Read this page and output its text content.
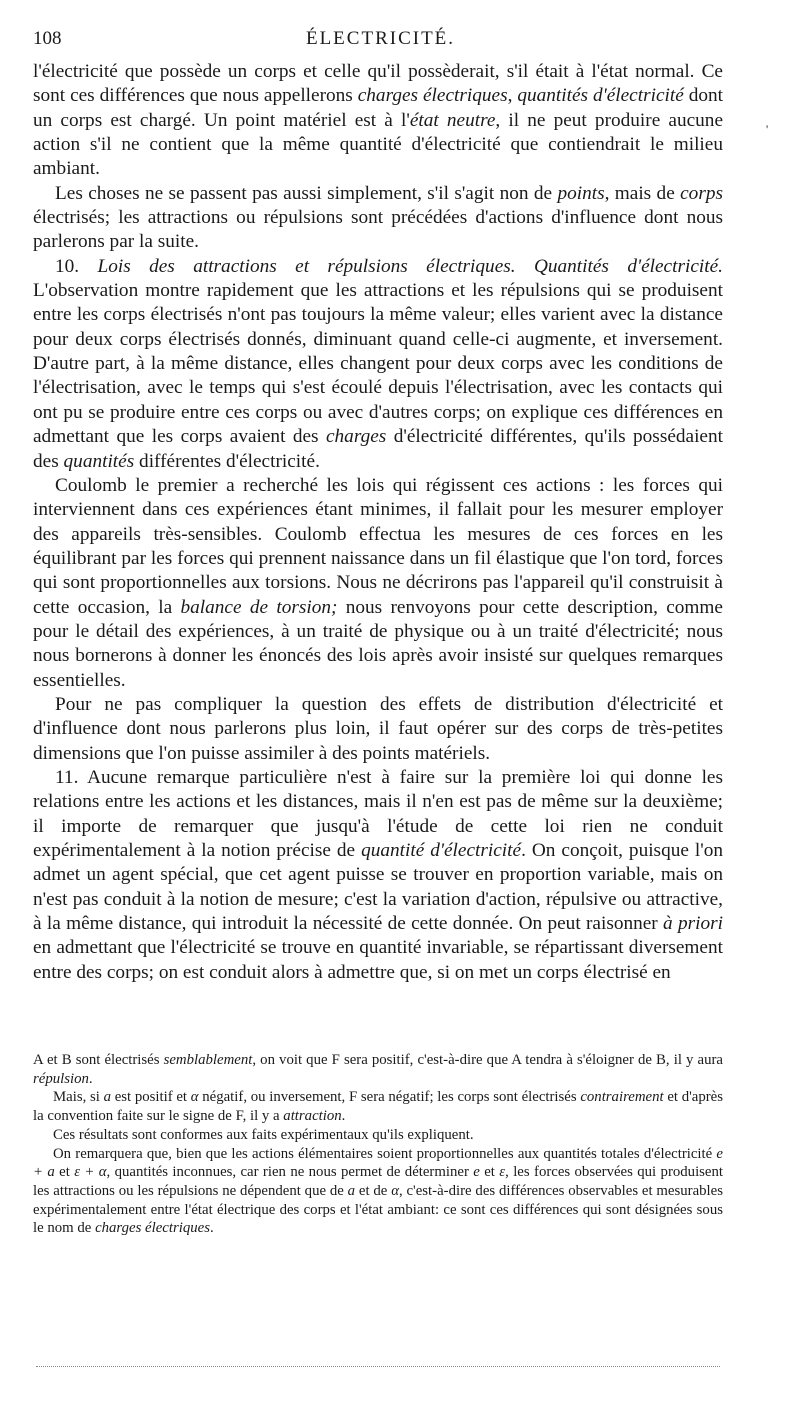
108	ÉLECTRICITÉ.
'

l'électricité que possède un corps et celle qu'il possèderait, s'il était à l'état normal. Ce sont ces différences que nous appellerons charges électriques, quantités d'électricité dont un corps est chargé. Un point matériel est à l'état neutre, il ne peut produire aucune action s'il ne contient que la même quantité d'électricité que contiendrait le milieu ambiant.

Les choses ne se passent pas aussi simplement, s'il s'agit non de points, mais de corps électrisés; les attractions ou répulsions sont précédées d'actions d'influence dont nous parlerons par la suite.

10. Lois des attractions et répulsions électriques. Quantités d'électricité. L'observation montre rapidement que les attractions et les répulsions qui se produisent entre les corps électrisés n'ont pas toujours la même valeur; elles varient avec la distance pour deux corps électrisés donnés, diminuant quand celle-ci augmente, et inversement. D'autre part, à la même distance, elles changent pour deux corps avec les conditions de l'électrisation, avec le temps qui s'est écoulé depuis l'électrisation, avec les contacts qui ont pu se produire entre ces corps ou avec d'autres corps; on explique ces différences en admettant que les corps avaient des charges d'électricité différentes, qu'ils possédaient des quantités différentes d'électricité.

Coulomb le premier a recherché les lois qui régissent ces actions : les forces qui interviennent dans ces expériences étant minimes, il fallait pour les mesurer employer des appareils très-sensibles. Coulomb effectua les mesures de ces forces en les équilibrant par les forces qui prennent naissance dans un fil élastique que l'on tord, forces qui sont proportionnelles aux torsions. Nous ne décrirons pas l'appareil qu'il construisit à cette occasion, la balance de torsion; nous renvoyons pour cette description, comme pour le détail des expériences, à un traité de physique ou à un traité d'électricité; nous nous bornerons à donner les énoncés des lois après avoir insisté sur quelques remarques essentielles.

Pour ne pas compliquer la question des effets de distribution d'électricité et d'influence dont nous parlerons plus loin, il faut opérer sur des corps de très-petites dimensions que l'on puisse assimiler à des points matériels.

11. Aucune remarque particulière n'est à faire sur la première loi qui donne les relations entre les actions et les distances, mais il n'en est pas de même sur la deuxième; il importe de remarquer que jusqu'à l'étude de cette loi rien ne conduit expérimentalement à la notion précise de quantité d'électricité. On conçoit, puisque l'on admet un agent spécial, que cet agent puisse se trouver en proportion variable, mais on n'est pas conduit à la notion de mesure; c'est la variation d'action, répulsive ou attractive, à la même distance, qui introduit la nécessité de cette donnée. On peut raisonner à priori en admettant que l'électricité se trouve en quantité invariable, se répartissant diversement entre des corps; on est conduit alors à admettre que, si on met un corps électrisé en

A et B sont électrisés semblablement, on voit que F sera positif, c'est-à-dire que A tendra à s'éloigner de B, il y aura répulsion.

Mais, si a est positif et α négatif, ou inversement, F sera négatif; les corps sont électrisés contrairement et d'après la convention faite sur le signe de F, il y a attraction.

Ces résultats sont conformes aux faits expérimentaux qu'ils expliquent.

On remarquera que, bien que les actions élémentaires soient proportionnelles aux quantités totales d'électricité e + a et ε + α, quantités inconnues, car rien ne nous permet de déterminer e et ε, les forces observées qui produisent les attractions ou les répulsions ne dépendent que de a et de α, c'est-à-dire des différences observables et mesurables expérimentalement entre l'état électrique des corps et l'état ambiant: ce sont ces différences qui sont désignées sous le nom de charges électriques.
